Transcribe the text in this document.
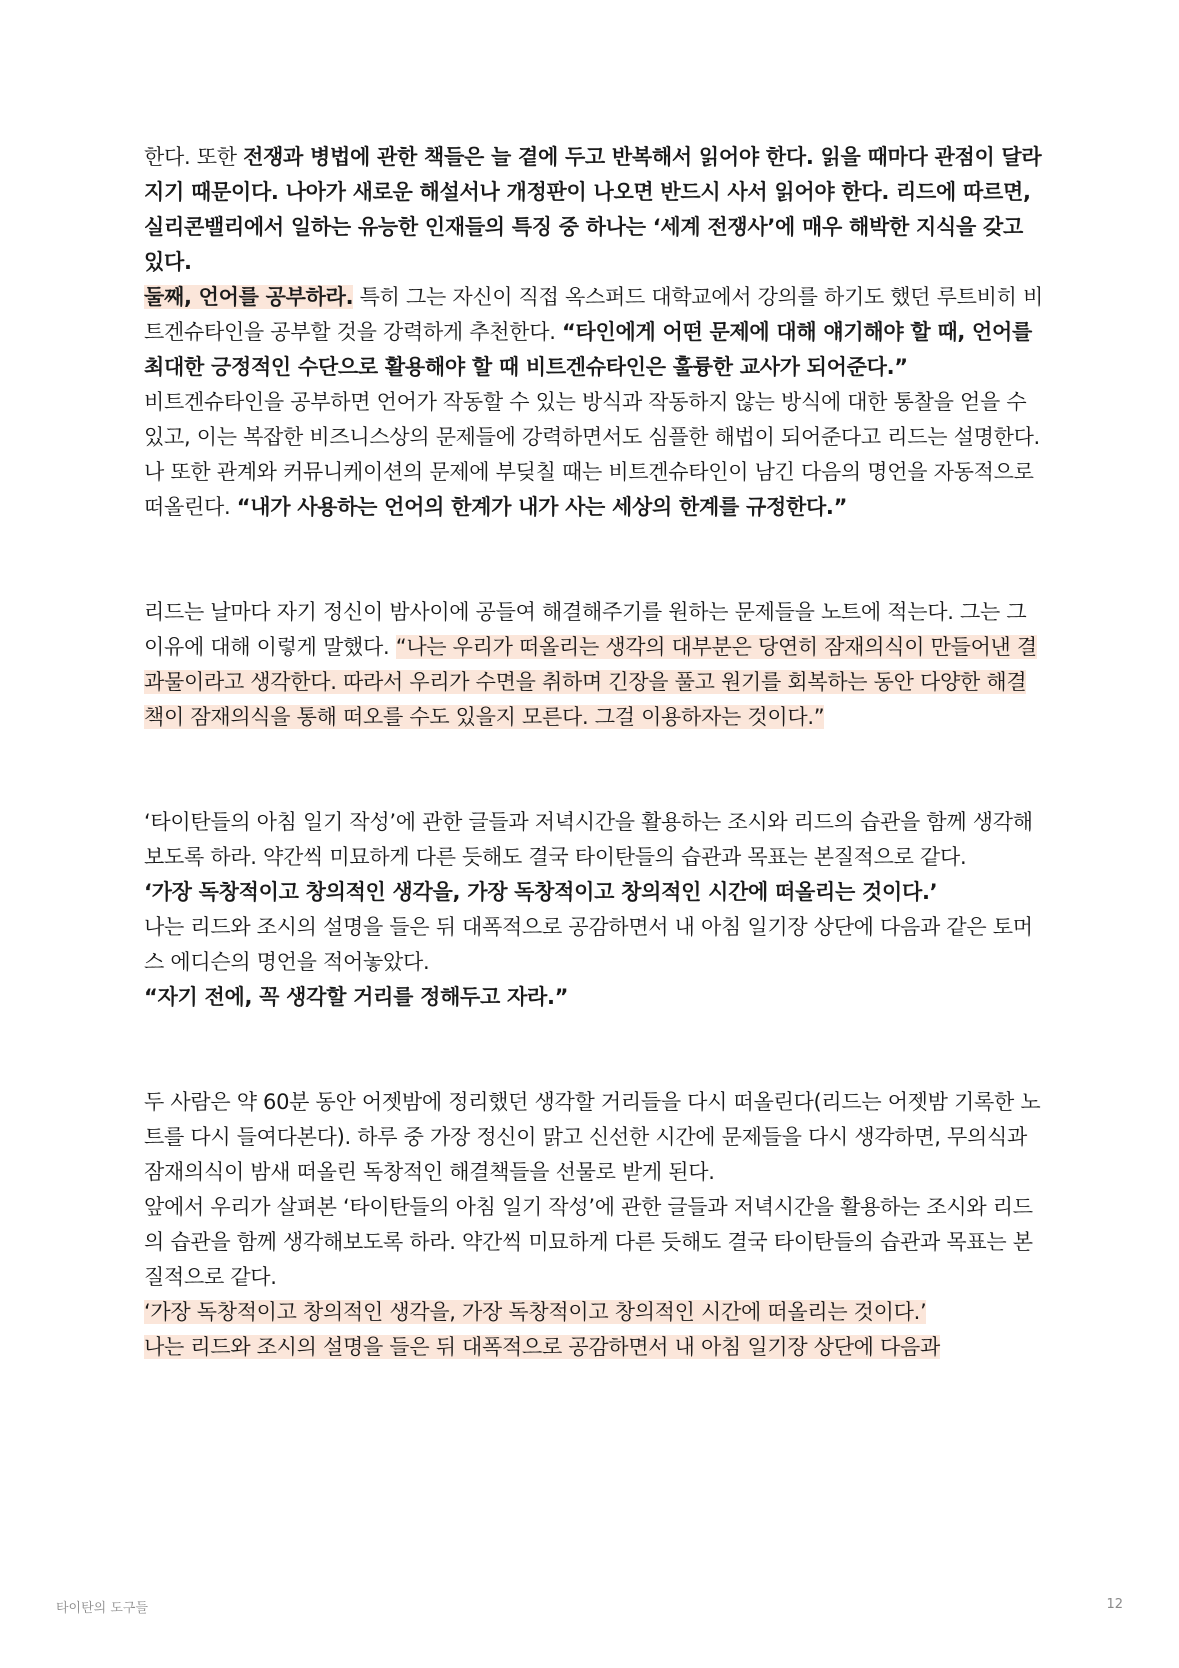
한다. 또한 전쟁과 병법에 관한 책들은 늘 곁에 두고 반복해서 읽어야 한다. 읽을 때마다 관점이 달라지기 때문이다. 나아가 새로운 해설서나 개정판이 나오면 반드시 사서 읽어야 한다. 리드에 따르면, 실리콘밸리에서 일하는 유능한 인재들의 특징 중 하나는 ‘세계 전쟁사’에 매우 해박한 지식을 갖고 있다.

둘째, 언어를 공부하라. 특히 그는 자신이 직접 옥스퍼드 대학교에서 강의를 하기도 했던 루트비히 비트겐슈타인을 공부할 것을 강력하게 추천한다. “타인에게 어떤 문제에 대해 얘기해야 할 때, 언어를 최대한 긍정적인 수단으로 활용해야 할 때 비트겐슈타인은 훌륭한 교사가 되어준다.”

비트겐슈타인을 공부하면 언어가 작동할 수 있는 방식과 작동하지 않는 방식에 대한 통찰을 얻을 수 있고, 이는 복잡한 비즈니스상의 문제들에 강력하면서도 심플한 해법이 되어준다고 리드는 설명한다. 나 또한 관계와 커뮤니케이션의 문제에 부딪칠 때는 비트겐슈타인이 남긴 다음의 명언을 자동적으로 떠올린다. “내가 사용하는 언어의 한계가 내가 사는 세상의 한계를 규정한다.”

리드는 날마다 자기 정신이 밤사이에 공들여 해결해주기를 원하는 문제들을 노트에 적는다. 그는 그 이유에 대해 이렇게 말했다. “나는 우리가 떠올리는 생각의 대부분은 당연히 잠재의식이 만들어낸 결과물이라고 생각한다. 따라서 우리가 수면을 취하며 긴장을 풀고 원기를 회복하는 동안 다양한 해결책이 잠재의식을 통해 떠오를 수도 있을지 모른다. 그걸 이용하자는 것이다.”

‘타이탄들의 아침 일기 작성’에 관한 글들과 저녁시간을 활용하는 조시와 리드의 습관을 함께 생각해보도록 하라. 약간씩 미묘하게 다른 듯해도 결국 타이탄들의 습관과 목표는 본질적으로 같다.

‘가장 독창적이고 창의적인 생각을, 가장 독창적이고 창의적인 시간에 떠올리는 것이다.’

나는 리드와 조시의 설명을 들은 뒤 대폭적으로 공감하면서 내 아침 일기장 상단에 다음과 같은 토머스 에디슨의 명언을 적어놓았다.

“자기 전에, 꼭 생각할 거리를 정해두고 자라.”

두 사람은 약 60분 동안 어젯밤에 정리했던 생각할 거리들을 다시 떠올린다(리드는 어젯밤 기록한 노트를 다시 들여다본다). 하루 중 가장 정신이 맑고 신선한 시간에 문제들을 다시 생각하면, 무의식과 잠재의식이 밤새 떠올린 독창적인 해결책들을 선물로 받게 된다.

앞에서 우리가 살펴본 ‘타이탄들의 아침 일기 작성’에 관한 글들과 저녁시간을 활용하는 조시와 리드의 습관을 함께 생각해보도록 하라. 약간씩 미묘하게 다른 듯해도 결국 타이탄들의 습관과 목표는 본질적으로 같다.

‘가장 독창적이고 창의적인 생각을, 가장 독창적이고 창의적인 시간에 떠올리는 것이다.’

나는 리드와 조시의 설명을 들은 뒤 대폭적으로 공감하면서 내 아침 일기장 상단에 다음과

타이탄의 도구들	12
